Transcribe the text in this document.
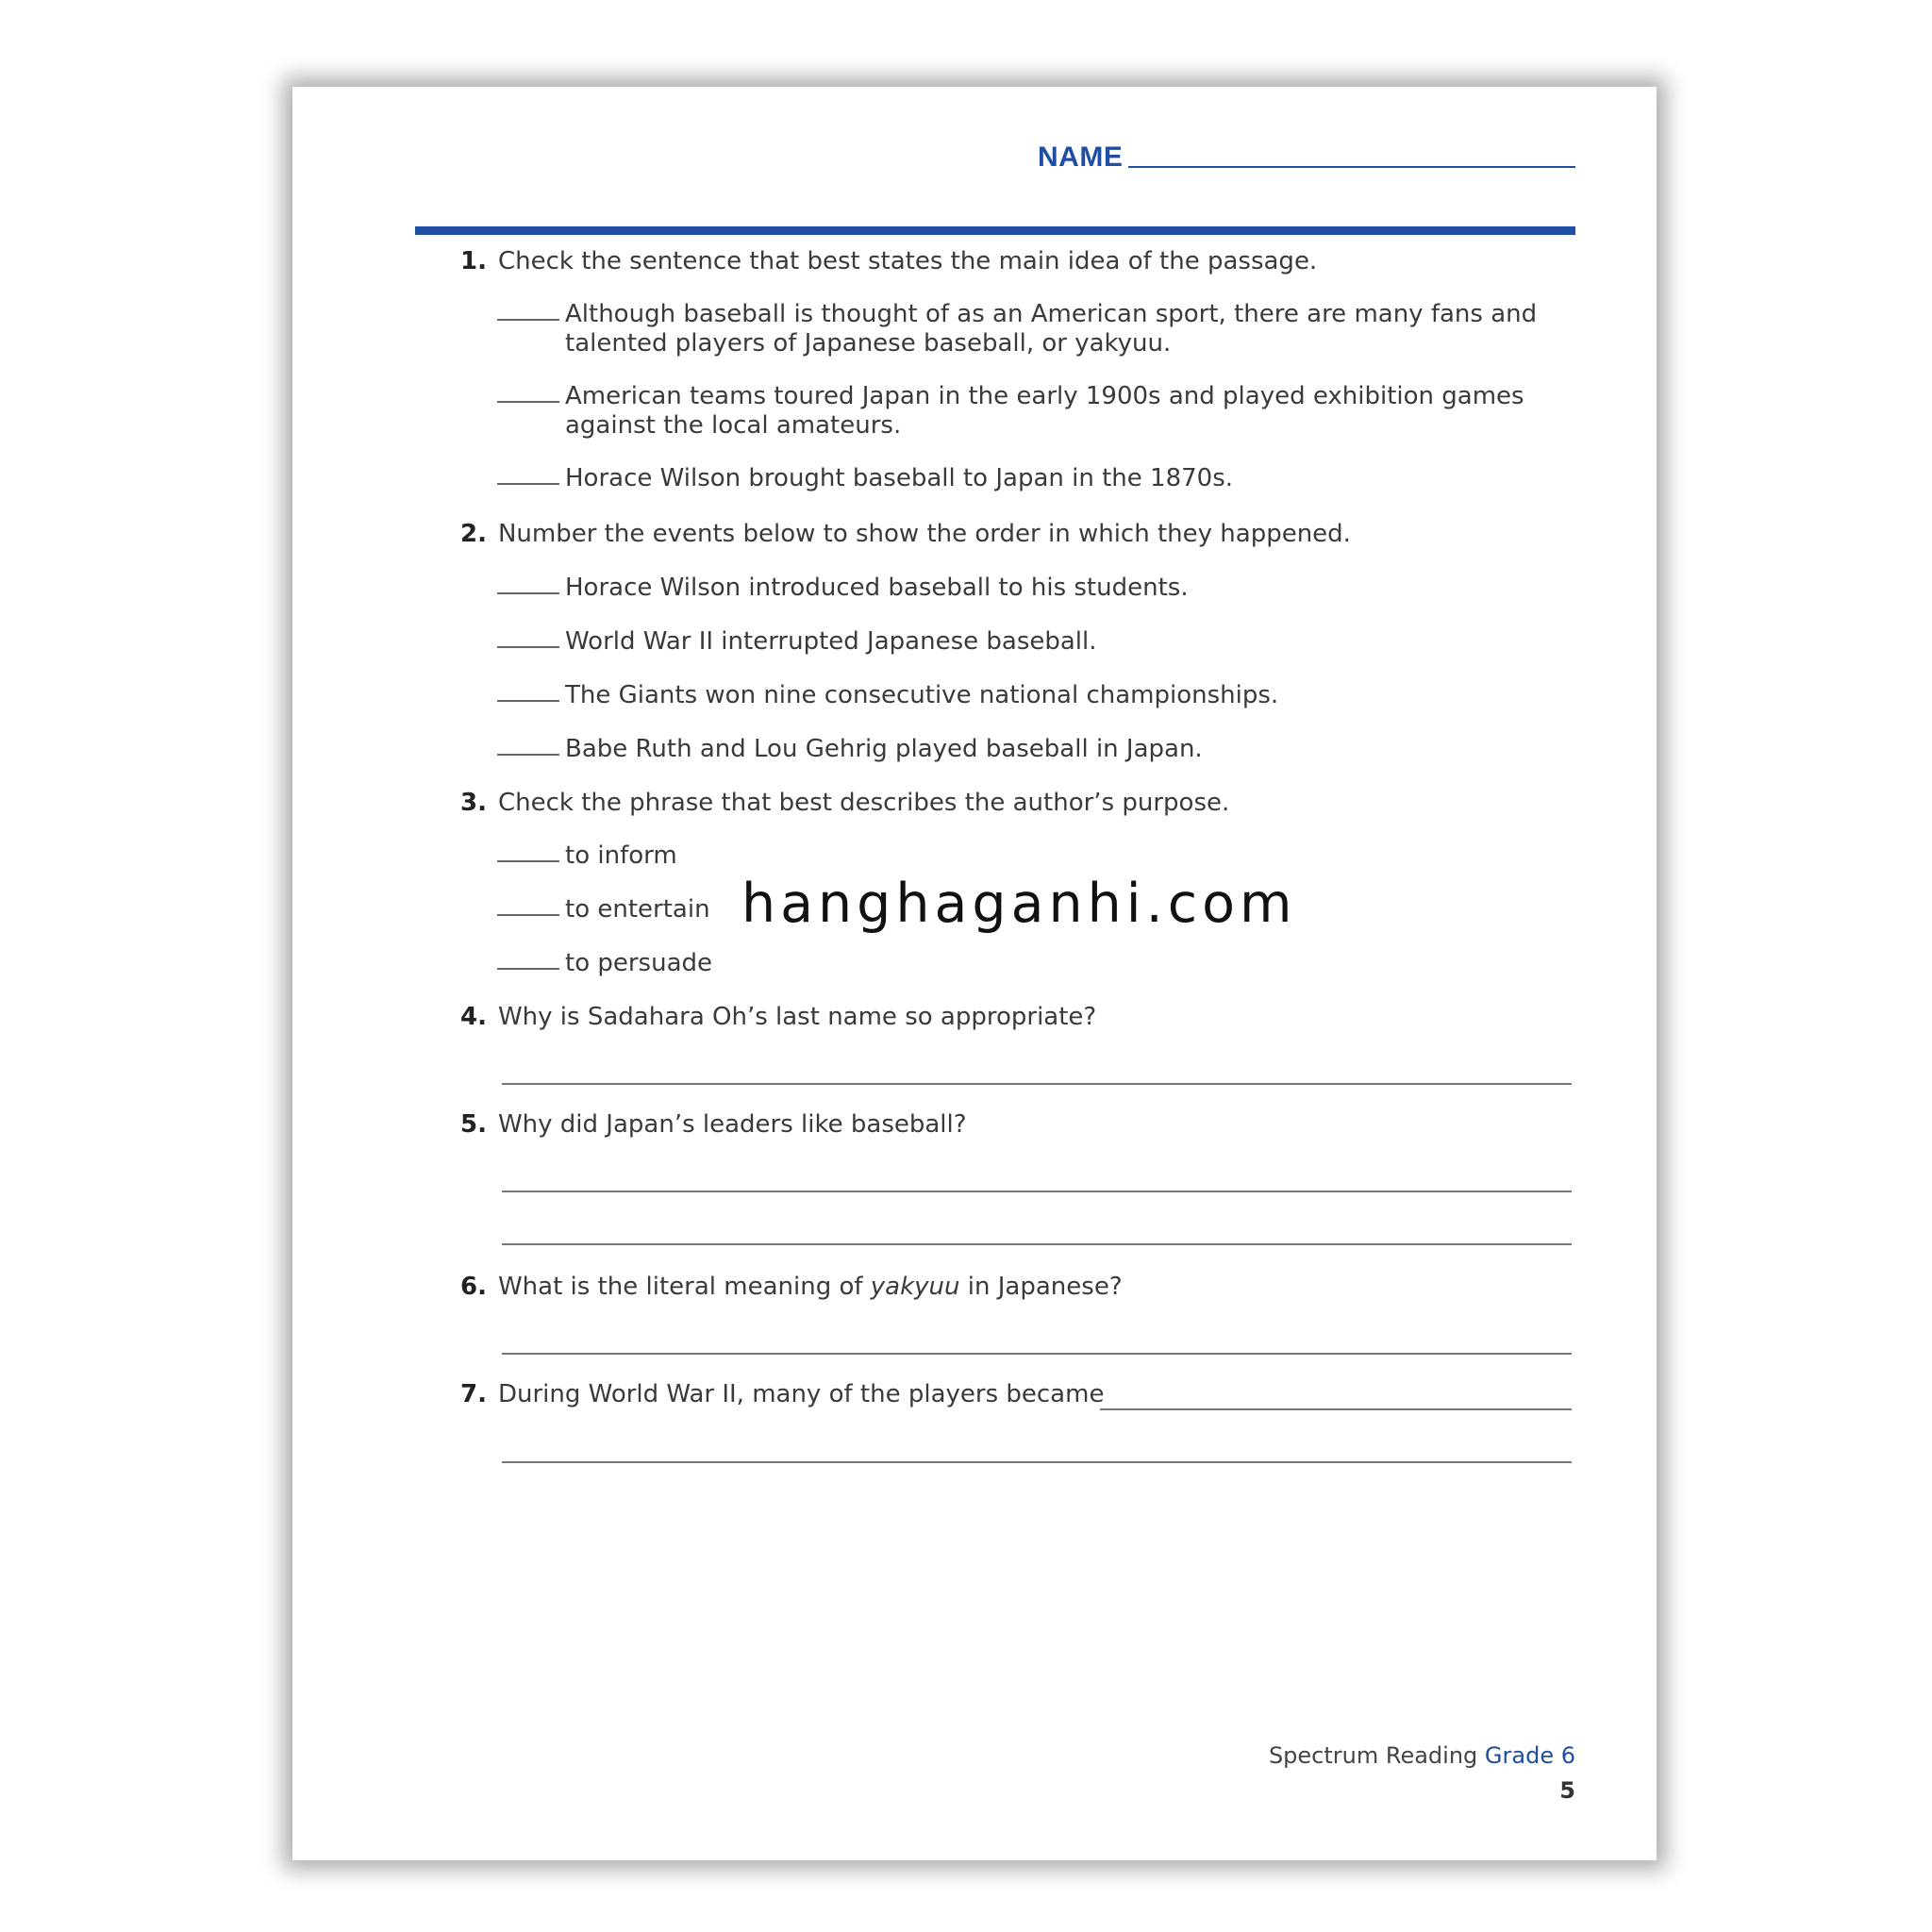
NAME
1. Check the sentence that best states the main idea of the passage.
Although baseball is thought of as an American sport, there are many fans and talented players of Japanese baseball, or yakyuu.
American teams toured Japan in the early 1900s and played exhibition games against the local amateurs.
Horace Wilson brought baseball to Japan in the 1870s.
2. Number the events below to show the order in which they happened.
Horace Wilson introduced baseball to his students.
World War II interrupted Japanese baseball.
The Giants won nine consecutive national championships.
Babe Ruth and Lou Gehrig played baseball in Japan.
3. Check the phrase that best describes the author’s purpose.
to inform
to entertain
to persuade
hanghaganhi.com
4. Why is Sadahara Oh’s last name so appropriate?
5. Why did Japan’s leaders like baseball?
6. What is the literal meaning of yakyuu in Japanese?
7. During World War II, many of the players became
Spectrum Reading Grade 6
5
